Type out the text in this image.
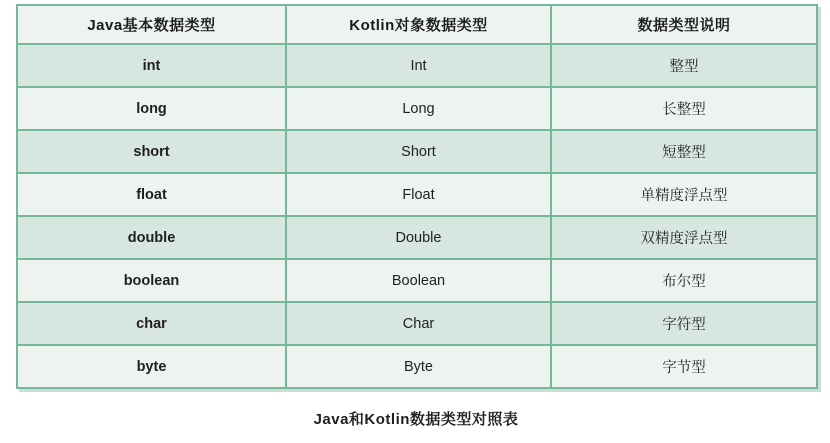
Java基本数据类型	Kotlin对象数据类型	数据类型说明
int	Int	整型
long	Long	长整型
short	Short	短整型
float	Float	单精度浮点型
double	Double	双精度浮点型
boolean	Boolean	布尔型
char	Char	字符型
byte	Byte	字节型
Java和Kotlin数据类型对照表
